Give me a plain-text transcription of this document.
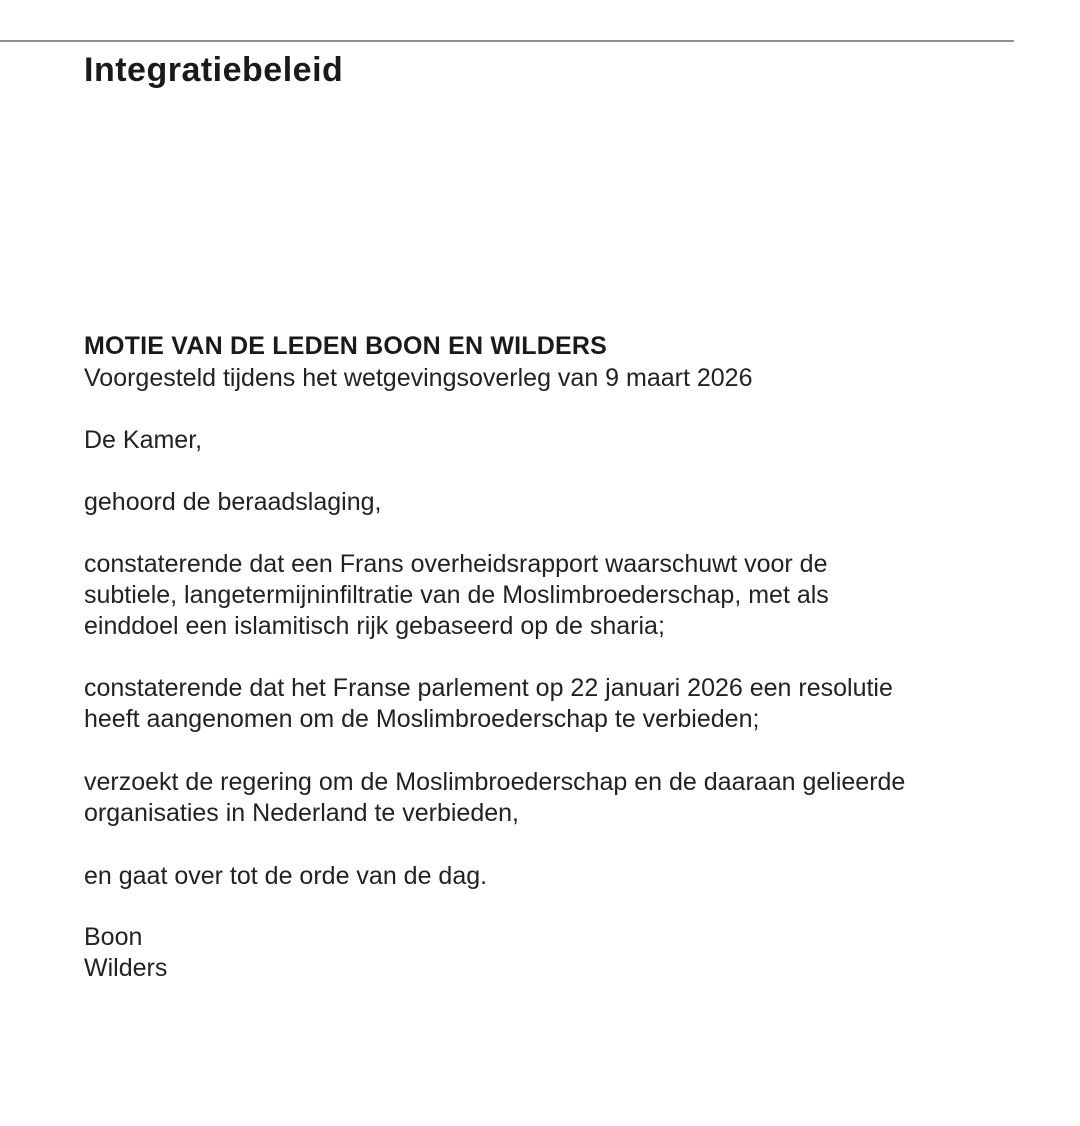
Integratiebeleid
MOTIE VAN DE LEDEN BOON EN WILDERS

Voorgesteld tijdens het wetgevingsoverleg van 9 maart 2026

De Kamer,

gehoord de beraadslaging,

constaterende dat een Frans overheidsrapport waarschuwt voor de
subtiele, langetermijninfiltratie van de Moslimbroederschap, met als
einddoel een islamitisch rijk gebaseerd op de sharia;

constaterende dat het Franse parlement op 22 januari 2026 een resolutie
heeft aangenomen om de Moslimbroederschap te verbieden;

verzoekt de regering om de Moslimbroederschap en de daaraan gelieerde
organisaties in Nederland te verbieden,

en gaat over tot de orde van de dag.

Boon
Wilders
